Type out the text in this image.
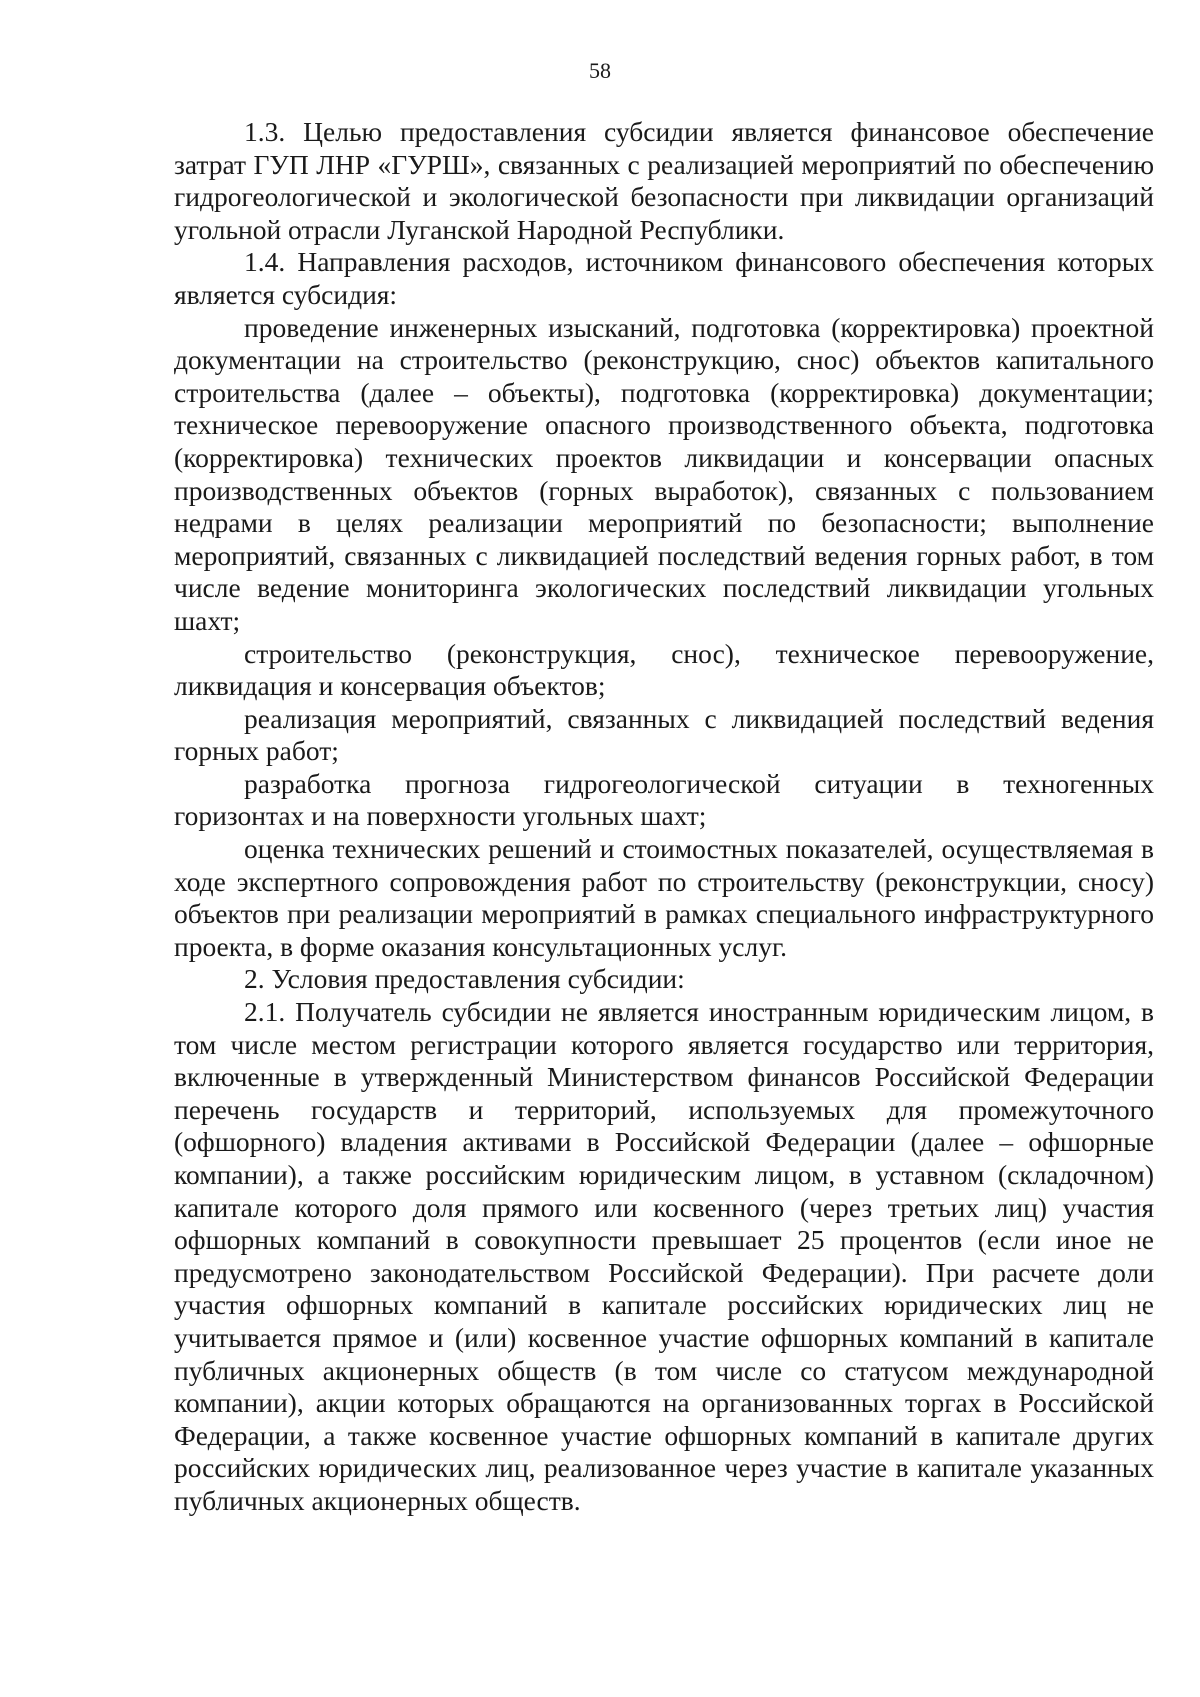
58

1.3. Целью предоставления субсидии является финансовое обеспечение затрат ГУП ЛНР «ГУРШ», связанных с реализацией мероприятий по обеспечению гидрогеологической и экологической безопасности при ликвидации организаций угольной отрасли Луганской Народной Республики.

1.4. Направления расходов, источником финансового обеспечения которых является субсидия:

проведение инженерных изысканий, подготовка (корректировка) проектной документации на строительство (реконструкцию, снос) объектов капитального строительства (далее – объекты), подготовка (корректировка) документации; техническое перевооружение опасного производственного объекта, подготовка (корректировка) технических проектов ликвидации и консервации опасных производственных объектов (горных выработок), связанных с пользованием недрами в целях реализации мероприятий по безопасности; выполнение мероприятий, связанных с ликвидацией последствий ведения горных работ, в том числе ведение мониторинга экологических последствий ликвидации угольных шахт;

строительство (реконструкция, снос), техническое перевооружение, ликвидация и консервация объектов;

реализация мероприятий, связанных с ликвидацией последствий ведения горных работ;

разработка прогноза гидрогеологической ситуации в техногенных горизонтах и на поверхности угольных шахт;

оценка технических решений и стоимостных показателей, осуществляемая в ходе экспертного сопровождения работ по строительству (реконструкции, сносу) объектов при реализации мероприятий в рамках специального инфраструктурного проекта, в форме оказания консультационных услуг.

2. Условия предоставления субсидии:

2.1. Получатель субсидии не является иностранным юридическим лицом, в том числе местом регистрации которого является государство или территория, включенные в утвержденный Министерством финансов Российской Федерации перечень государств и территорий, используемых для промежуточного (офшорного) владения активами в Российской Федерации (далее – офшорные компании), а также российским юридическим лицом, в уставном (складочном) капитале которого доля прямого или косвенного (через третьих лиц) участия офшорных компаний в совокупности превышает 25 процентов (если иное не предусмотрено законодательством Российской Федерации). При расчете доли участия офшорных компаний в капитале российских юридических лиц не учитывается прямое и (или) косвенное участие офшорных компаний в капитале публичных акционерных обществ (в том числе со статусом международной компании), акции которых обращаются на организованных торгах в Российской Федерации, а также косвенное участие офшорных компаний в капитале других российских юридических лиц, реализованное через участие в капитале указанных публичных акционерных обществ.
